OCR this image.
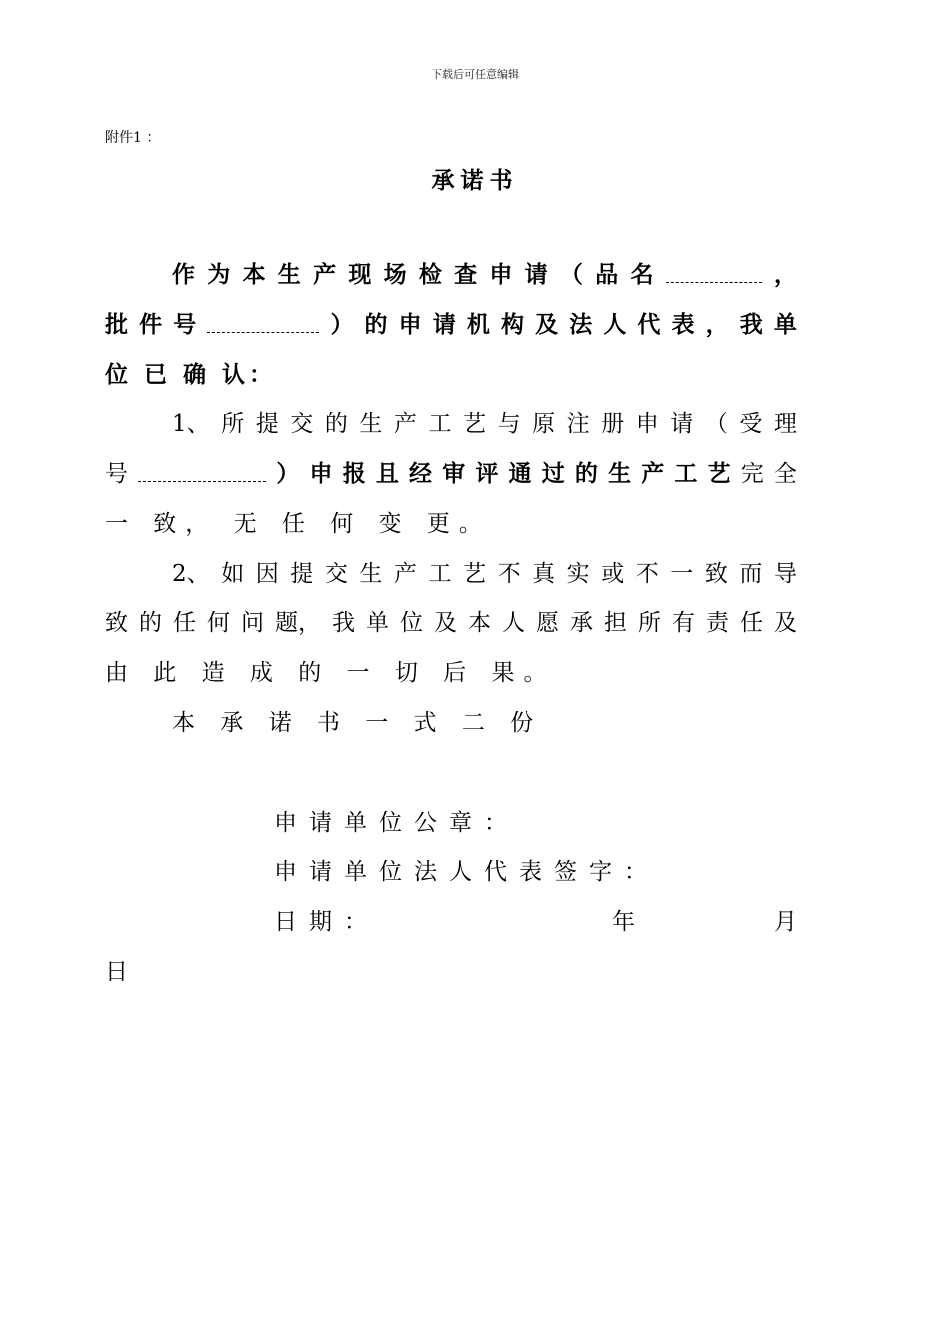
下载后可任意编辑
附件1 ：
承诺书
作 为 本 生 产 现 场 检 查 申 请 （ 品 名	，
批 件 号	） 的 申 请 机 构 及 法 人 代 表 ， 我 单
位 已 确 认：
1、 所 提 交 的 生 产 工 艺 与 原 注 册 申 请 （ 受 理
号	） 申 报 且 经 审 评 通 过 的 生 产 工 艺 完 全
一 致， 无 任 何 变 更。
2、 如 因 提 交 生 产 工 艺 不 真 实 或 不 一 致 而 导
致 的 任 何 问 题， 我 单 位 及 本 人 愿 承 担 所 有 责 任 及
由 此 造 成 的 一 切 后 果。
本 承 诺 书 一 式 二 份
申请单位公章：
申请单位法人代表签字：
日期：	年	月
日
